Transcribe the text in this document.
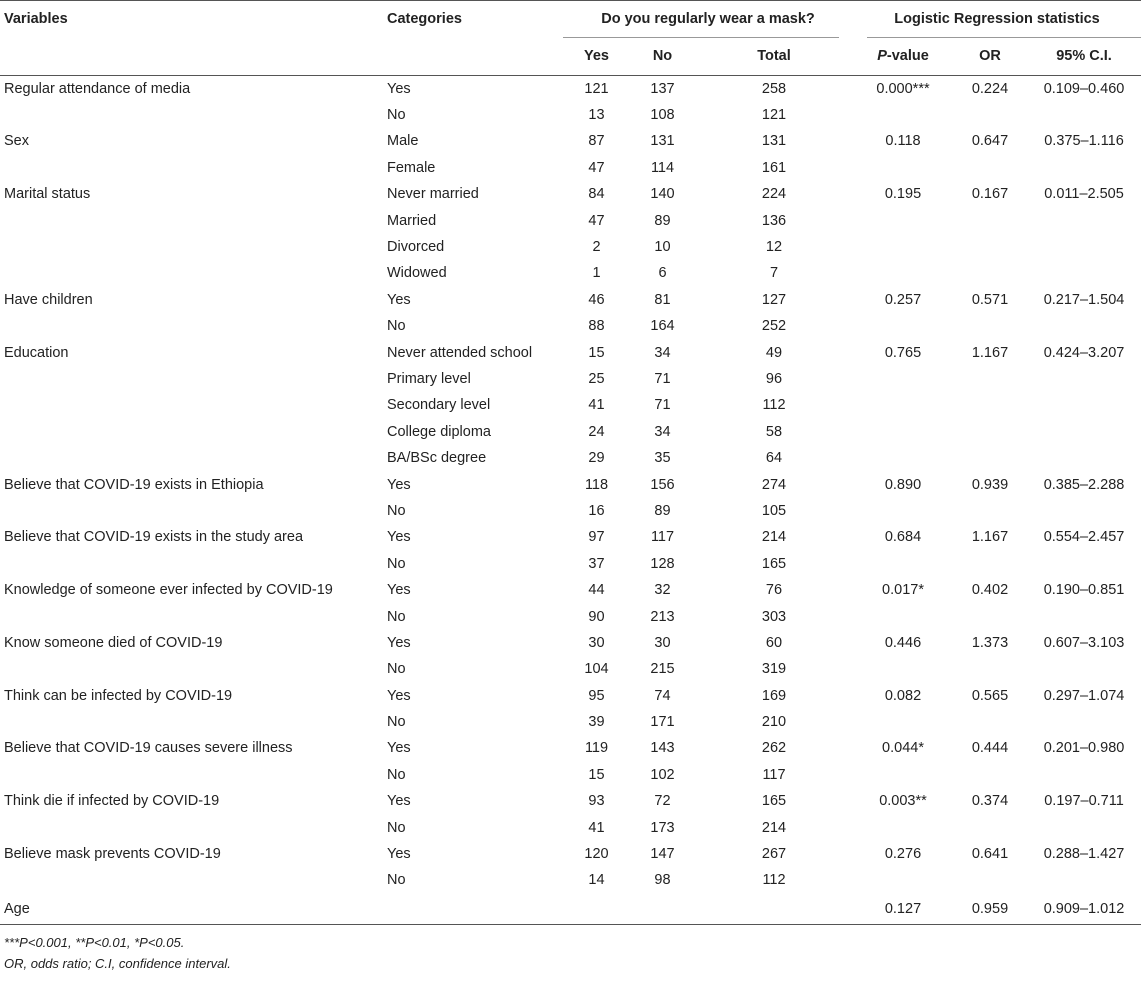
Variables	Categories	Do you regularly wear a mask?			Logistic Regression statistics		

		Yes	No	Total	P-value	OR	95% C.I.
Regular attendance of media	Yes	121	137	258	0.000***	0.224	0.109–0.460
	No	13	108	121			
Sex	Male	87	131	131	0.118	0.647	0.375–1.116
	Female	47	114	161			
Marital status	Never married	84	140	224	0.195	0.167	0.011–2.505
	Married	47	89	136			
	Divorced	2	10	12			
	Widowed	1	6	7			
Have children	Yes	46	81	127	0.257	0.571	0.217–1.504
	No	88	164	252			
Education	Never attended school	15	34	49	0.765	1.167	0.424–3.207
	Primary level	25	71	96			
	Secondary level	41	71	112			
	College diploma	24	34	58			
	BA/BSc degree	29	35	64			
Believe that COVID-19 exists in Ethiopia	Yes	118	156	274	0.890	0.939	0.385–2.288
	No	16	89	105			
Believe that COVID-19 exists in the study area	Yes	97	117	214	0.684	1.167	0.554–2.457
	No	37	128	165			
Knowledge of someone ever infected by COVID-19	Yes	44	32	76	0.017*	0.402	0.190–0.851
	No	90	213	303			
Know someone died of COVID-19	Yes	30	30	60	0.446	1.373	0.607–3.103
	No	104	215	319			
Think can be infected by COVID-19	Yes	95	74	169	0.082	0.565	0.297–1.074
	No	39	171	210			
Believe that COVID-19 causes severe illness	Yes	119	143	262	0.044*	0.444	0.201–0.980
	No	15	102	117			
Think die if infected by COVID-19	Yes	93	72	165	0.003**	0.374	0.197–0.711
	No	41	173	214			
Believe mask prevents COVID-19	Yes	120	147	267	0.276	0.641	0.288–1.427
	No	14	98	112			
Age					0.127	0.959	0.909–1.012
***P<0.001, **P<0.01, *P<0.05.
OR, odds ratio; C.I, confidence interval.
